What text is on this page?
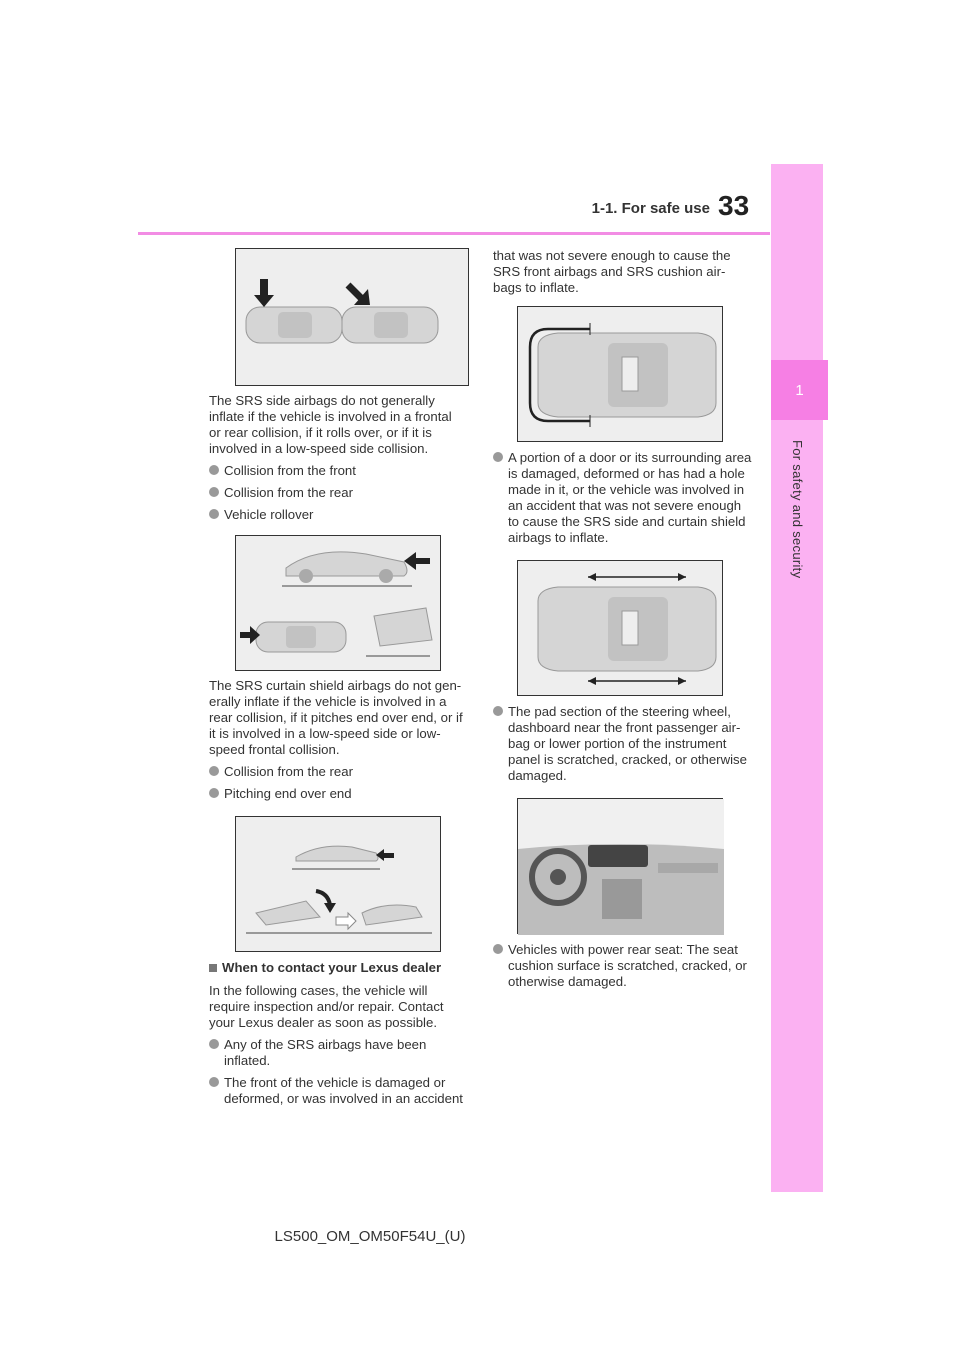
1-1. For safe use 33
1
For safety and security

The SRS side airbags do not generally inflate if the vehicle is involved in a frontal or rear collision, if it rolls over, or if it is involved in a low-speed side collision.

Collision from the front
Collision from the rear
Vehicle rollover

The SRS curtain shield airbags do not gen-erally inflate if the vehicle is involved in a rear collision, if it pitches end over end, or if it is involved in a low-speed side or low-speed frontal collision.

Collision from the rear
Pitching end over end
When to contact your Lexus dealer

In the following cases, the vehicle will require inspection and/or repair. Contact your Lexus dealer as soon as possible.

Any of the SRS airbags have been inflated.
The front of the vehicle is damaged or deformed, or was involved in an accident

that was not severe enough to cause the SRS front airbags and SRS cushion air-bags to inflate.

A portion of a door or its surrounding area is damaged, deformed or has had a hole made in it, or the vehicle was involved in an accident that was not severe enough to cause the SRS side and curtain shield airbags to inflate.
The pad section of the steering wheel, dashboard near the front passenger air-bag or lower portion of the instrument panel is scratched, cracked, or otherwise damaged.
Vehicles with power rear seat: The seat cushion surface is scratched, cracked, or otherwise damaged.
LS500_OM_OM50F54U_(U)
